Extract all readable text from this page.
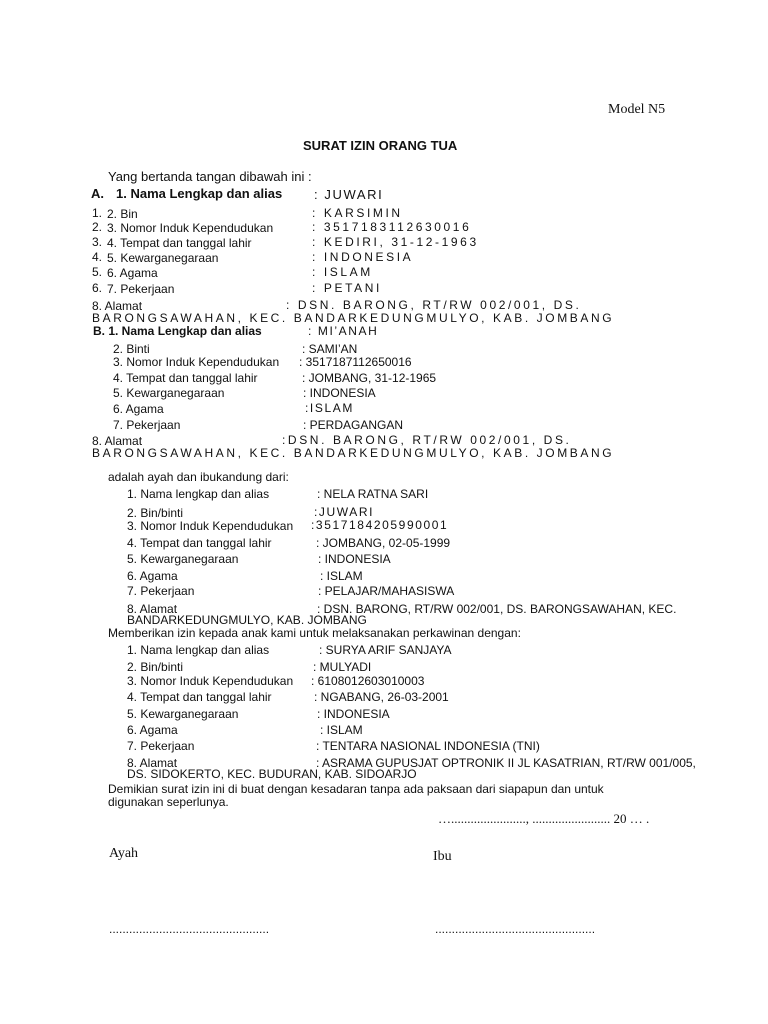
Model N5
SURAT IZIN ORANG TUA
Yang bertanda tangan dibawah ini :
A. 1. Nama Lengkap dan alias : JUWARI
1. 2. Bin	: KARSIMIN
2. 3. Nomor Induk Kependudukan	: 3517183112630016
3. 4. Tempat dan tanggal lahir	: KEDIRI, 31-12-1963
4. 5. Kewarganegaraan	: INDONESIA
5. 6. Agama	: ISLAM
6. 7. Pekerjaan	: PETANI
8. Alamat	: DSN. BARONG, RT/RW 002/001, DS.
BARONGSAWAHAN, KEC. BANDARKEDUNGMULYO, KAB. JOMBANG
B. 1. Nama Lengkap dan alias	: MI’ANAH
2. Binti	: SAMI’AN
3. Nomor Induk Kependudukan : 3517187112650016
4. Tempat dan tanggal lahir	: JOMBANG, 31-12-1965
5. Kewarganegaraan	: INDONESIA
6. Agama	:ISLAM
7. Pekerjaan	: PERDAGANGAN
8. Alamat	:DSN. BARONG, RT/RW 002/001, DS.
BARONGSAWAHAN, KEC. BANDARKEDUNGMULYO, KAB. JOMBANG
adalah ayah dan ibukandung dari:
1. Nama lengkap dan alias	: NELA RATNA SARI
2. Bin/binti	:JUWARI
3. Nomor Induk Kependudukan :3517184205990001
4. Tempat dan tanggal lahir	: JOMBANG, 02-05-1999
5. Kewarganegaraan	: INDONESIA
6. Agama	: ISLAM
7. Pekerjaan	: PELAJAR/MAHASISWA
8. Alamat	: DSN. BARONG, RT/RW 002/001, DS. BARONGSAWAHAN, KEC.
BANDARKEDUNGMULYO, KAB. JOMBANG
Memberikan izin kepada anak kami untuk melaksanakan perkawinan dengan:
1. Nama lengkap dan alias	: SURYA ARIF SANJAYA
2. Bin/binti	: MULYADI
3. Nomor Induk Kependudukan : 6108012603010003
4. Tempat dan tanggal lahir	: NGABANG, 26-03-2001
5. Kewarganegaraan	: INDONESIA
6. Agama	: ISLAM
7. Pekerjaan	: TENTARA NASIONAL INDONESIA (TNI)
8. Alamat	: ASRAMA GUPUSJAT OPTRONIK II JL KASATRIAN, RT/RW 001/005,
DS. SIDOKERTO, KEC. BUDURAN, KAB. SIDOARJO
Demikian surat izin ini di buat dengan kesadaran tanpa ada paksaan dari siapapun dan untuk
digunakan seperlunya.
…......................., ........................ 20 … .
Ayah	Ibu
................................................	................................................
